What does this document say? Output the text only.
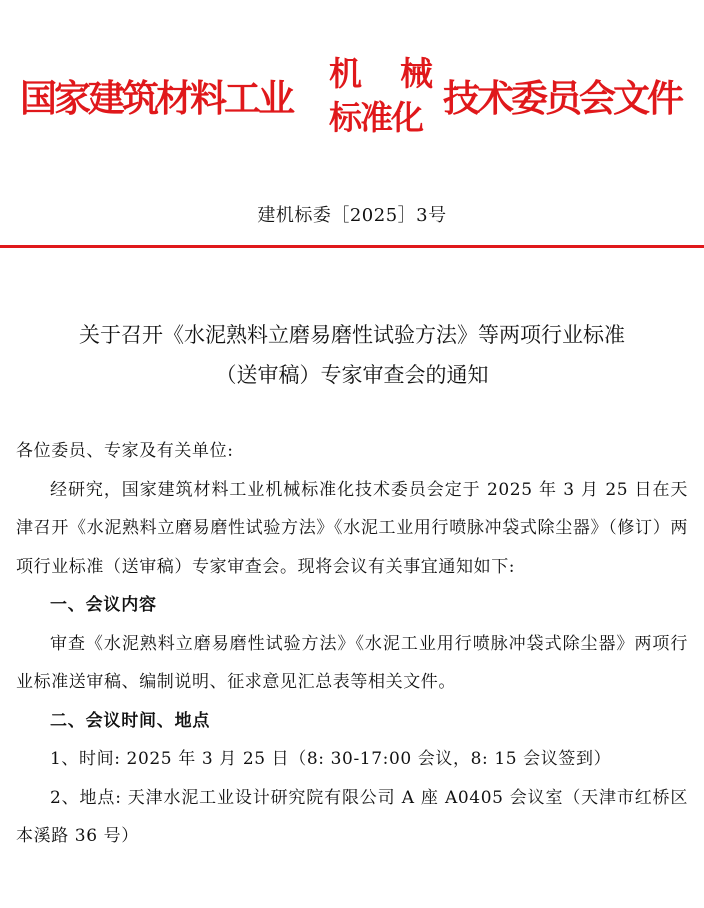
国家建筑材料工业
机 械
标准化 技术委员会文件
建机标委［2025］3号
关于召开《水泥熟料立磨易磨性试验方法》等两项行业标准
（送审稿）专家审查会的通知

各位委员、专家及有关单位:

经研究，国家建筑材料工业机械标准化技术委员会定于 2025 年 3 月 25 日在天津召开《水泥熟料立磨易磨性试验方法》《水泥工业用行喷脉冲袋式除尘器》（修订）两项行业标准（送审稿）专家审查会。现将会议有关事宜通知如下:

一、会议内容

审查《水泥熟料立磨易磨性试验方法》《水泥工业用行喷脉冲袋式除尘器》两项行业标准送审稿、编制说明、征求意见汇总表等相关文件。

二、会议时间、地点

1、时间: 2025 年 3 月 25 日（8: 30-17:00 会议，8: 15 会议签到）

2、地点: 天津水泥工业设计研究院有限公司 A 座 A0405 会议室（天津市红桥区本溪路 36 号）
